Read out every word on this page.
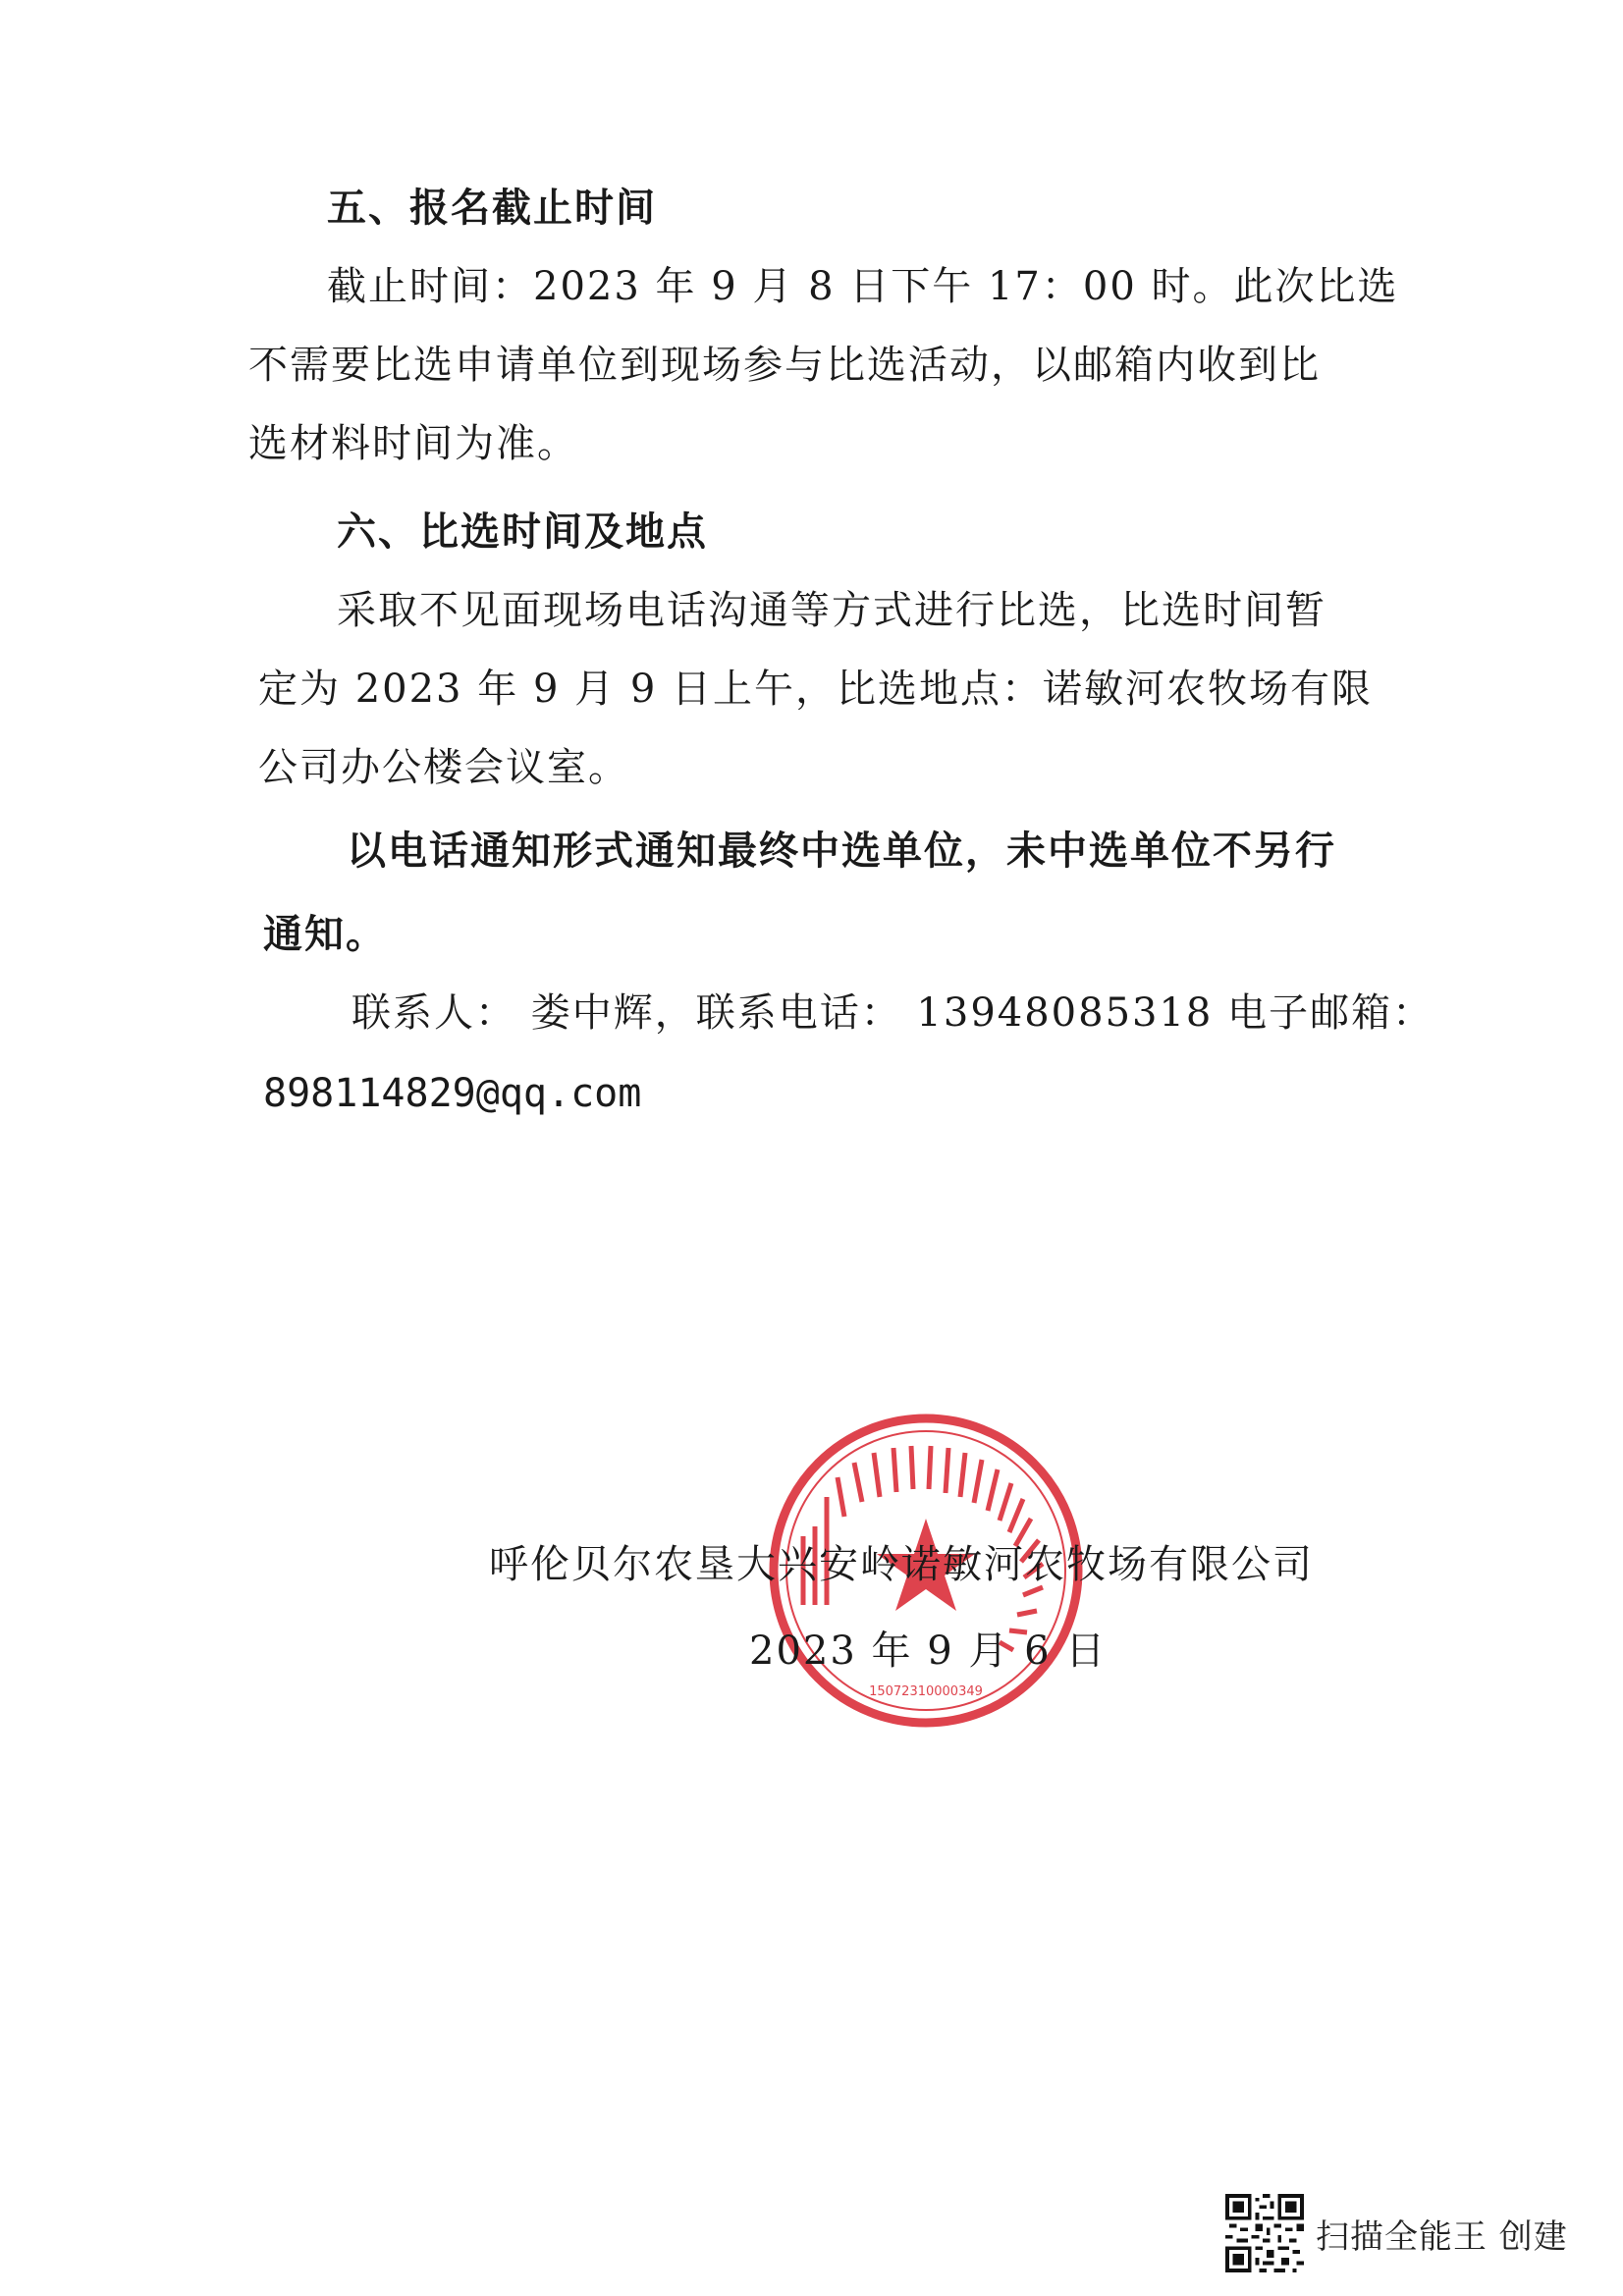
五、报名截止时间
截止时间：2023 年 9 月 8 日下午 17：00 时。此次比选
不需要比选申请单位到现场参与比选活动，以邮箱内收到比
选材料时间为准。
六、比选时间及地点
采取不见面现场电话沟通等方式进行比选，比选时间暂
定为 2023 年 9 月 9 日上午，比选地点：诺敏河农牧场有限
公司办公楼会议室。
以电话通知形式通知最终中选单位，未中选单位不另行
通知。
联系人： 娄中辉，联系电话： 13948085318 电子邮箱：
898114829@qq.com
15072310000349
呼伦贝尔农垦大兴安岭诺敏河农牧场有限公司
2023 年 9 月 6 日
扫描全能王 创建
